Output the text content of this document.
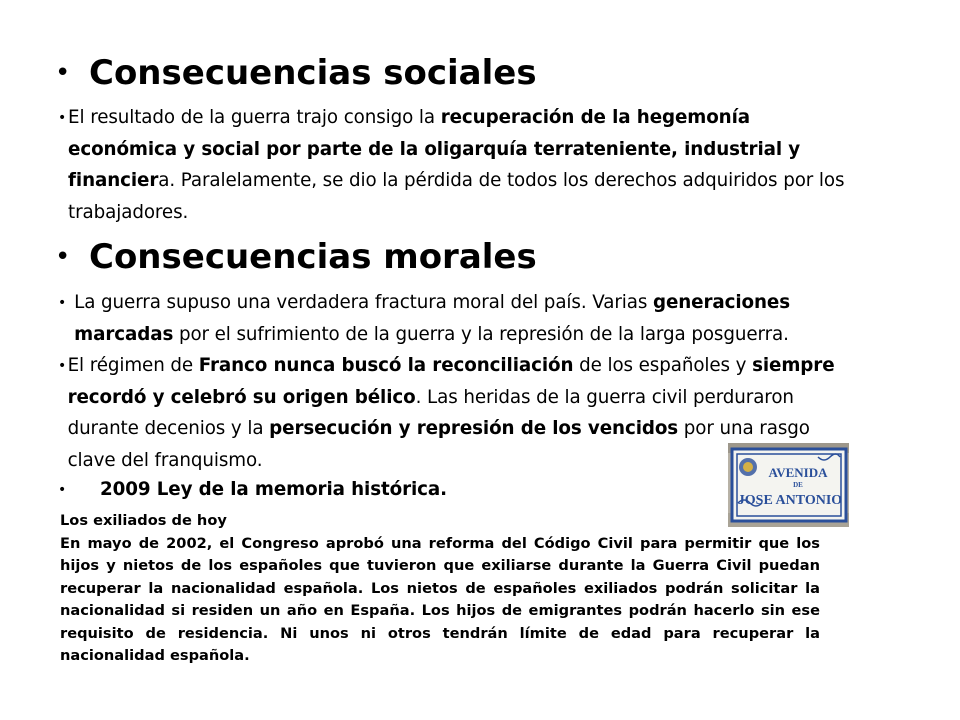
• Consecuencias sociales
• El resultado de la guerra trajo consigo la recuperación de la hegemonía económica y social por parte de la oligarquía terrateniente, industrial y financiera. Paralelamente, se dio la pérdida de todos los derechos adquiridos por los trabajadores.
• Consecuencias morales
• La guerra supuso una verdadera fractura moral del país. Varias generaciones marcadas por el sufrimiento de la guerra y la represión de la larga posguerra.
• El régimen de Franco nunca buscó la reconciliación de los españoles y siempre recordó y celebró su origen bélico. Las heridas de la guerra civil perduraron durante decenios y la persecución y represión de los vencidos por una rasgo clave del franquismo.
•	2009 Ley de la memoria histórica.
AVENIDA
DE
JOSE ANTONIO
Los exiliados de hoy
En mayo de 2002, el Congreso aprobó una reforma del Código Civil para permitir que los hijos y nietos de los españoles que tuvieron que exiliarse durante la Guerra Civil puedan recuperar la nacionalidad española. Los nietos de españoles exiliados podrán solicitar la nacionalidad si residen un año en España. Los hijos de emigrantes podrán hacerlo sin ese requisito de residencia. Ni unos ni otros tendrán límite de edad para recuperar la nacionalidad española.
